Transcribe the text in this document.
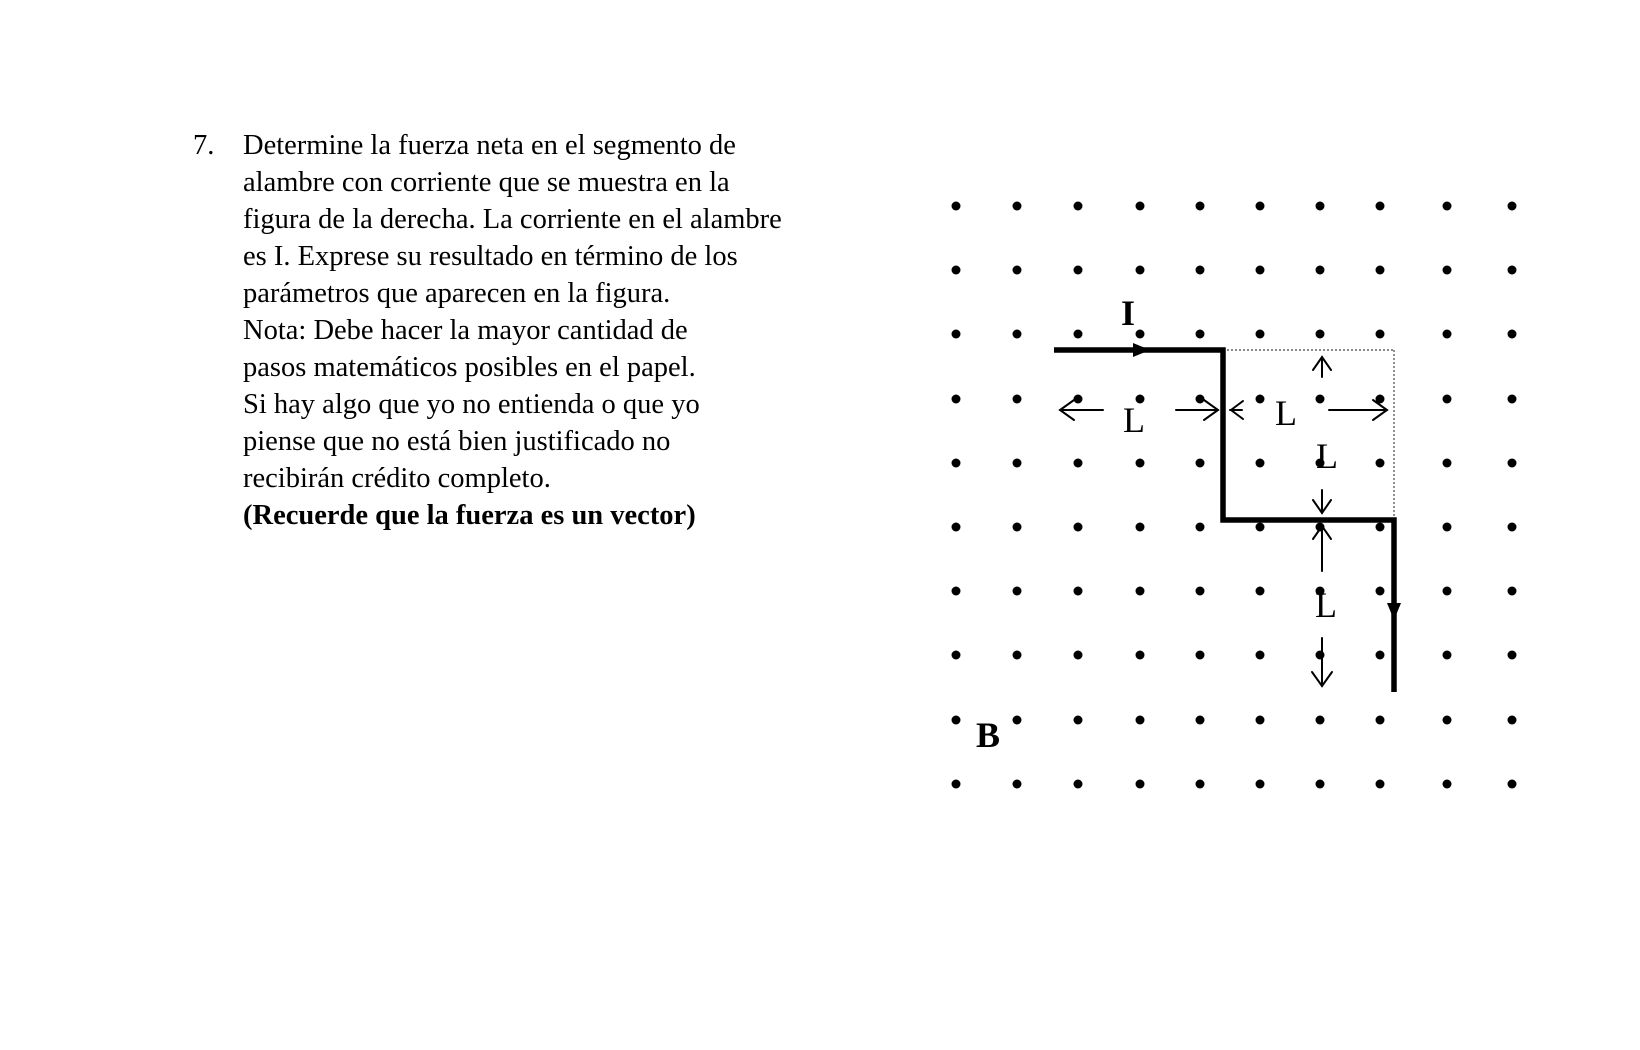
7. Determine la fuerza neta en el segmento de
alambre con corriente que se muestra en la
figura de la derecha. La corriente en el alambre
es I. Exprese su resultado en término de los
parámetros que aparecen en la figura.
Nota: Debe hacer la mayor cantidad de
pasos matemáticos posibles en el papel.
Si hay algo que yo no entienda o que yo
piense que no está bien justificado no
recibirán crédito completo.
(Recuerde que la fuerza es un vector)
I
B
L	L
L
L
